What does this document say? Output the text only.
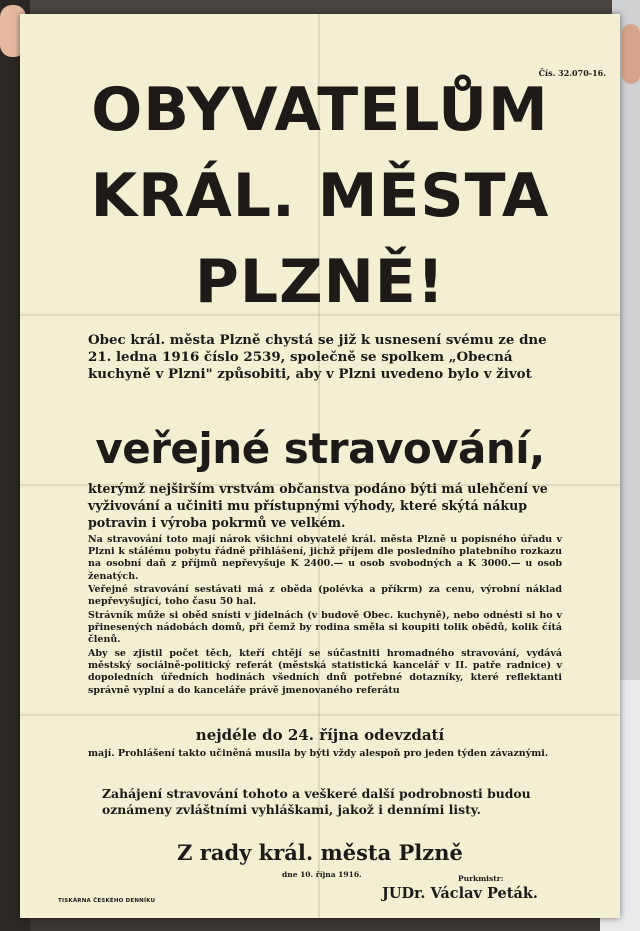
Čís. 32.070-16.
OBYVATELŮM
KRÁL. MĚSTA
PLZNĚ!

Obec král. města Plzně chystá se již k usnesení svému ze dne 21. ledna 1916 číslo 2539, společně se spolkem „Obecná kuchyně v Plzni" způsobiti, aby v Plzni uvedeno bylo v život

veřejné stravování,

kterýmž nejširším vrstvám občanstva podáno býti má ulehčení ve vyživování a učiniti mu přístupnými výhody, které skýtá nákup potravin i výroba pokrmů ve velkém.

Na stravování toto mají nárok všichni obyvatelé král. města Plzně u popisného úřadu v Plzni k stálému pobytu řádně přihlášení, jichž příjem dle posledního platebního rozkazu na osobní daň z příjmů nepřevyšuje K 2400.— u osob svobodných a K 3000.— u osob ženatých.

Veřejné stravování sestávati má z oběda (polévka a příkrm) za cenu, výrobní náklad nepřevyšující, toho času 50 hal.

Strávník může si oběd snísti v jídelnách (v budově Obec. kuchyně), nebo odnésti si ho v přinesených nádobách domů, při čemž by rodina směla si koupiti tolik obědů, kolik čítá členů.

Aby se zjistil počet těch, kteří chtějí se súčastniti hromadného stravování, vydává městský sociálně-politický referát (městská statistická kancelář v II. patře radnice) v dopoledních úředních hodinách všedních dnů potřebné dotazníky, které reflektanti správně vyplní a do kanceláře právě jmenovaného referátu

nejdéle do 24. října odevzdatí

mají. Prohlášení takto učiněná musila by býti vždy alespoň pro jeden týden závaznými.

Zahájení stravování tohoto a veškeré další podrobnosti budou oznámeny zvláštními vyhláškami, jakož i denními listy.

Z rady král. města Plzně
dne 10. října 1916.	Purkmistr:
JUDr. Václav Peták.
TISKÁRNA ČESKÉHO DENNÍKU
